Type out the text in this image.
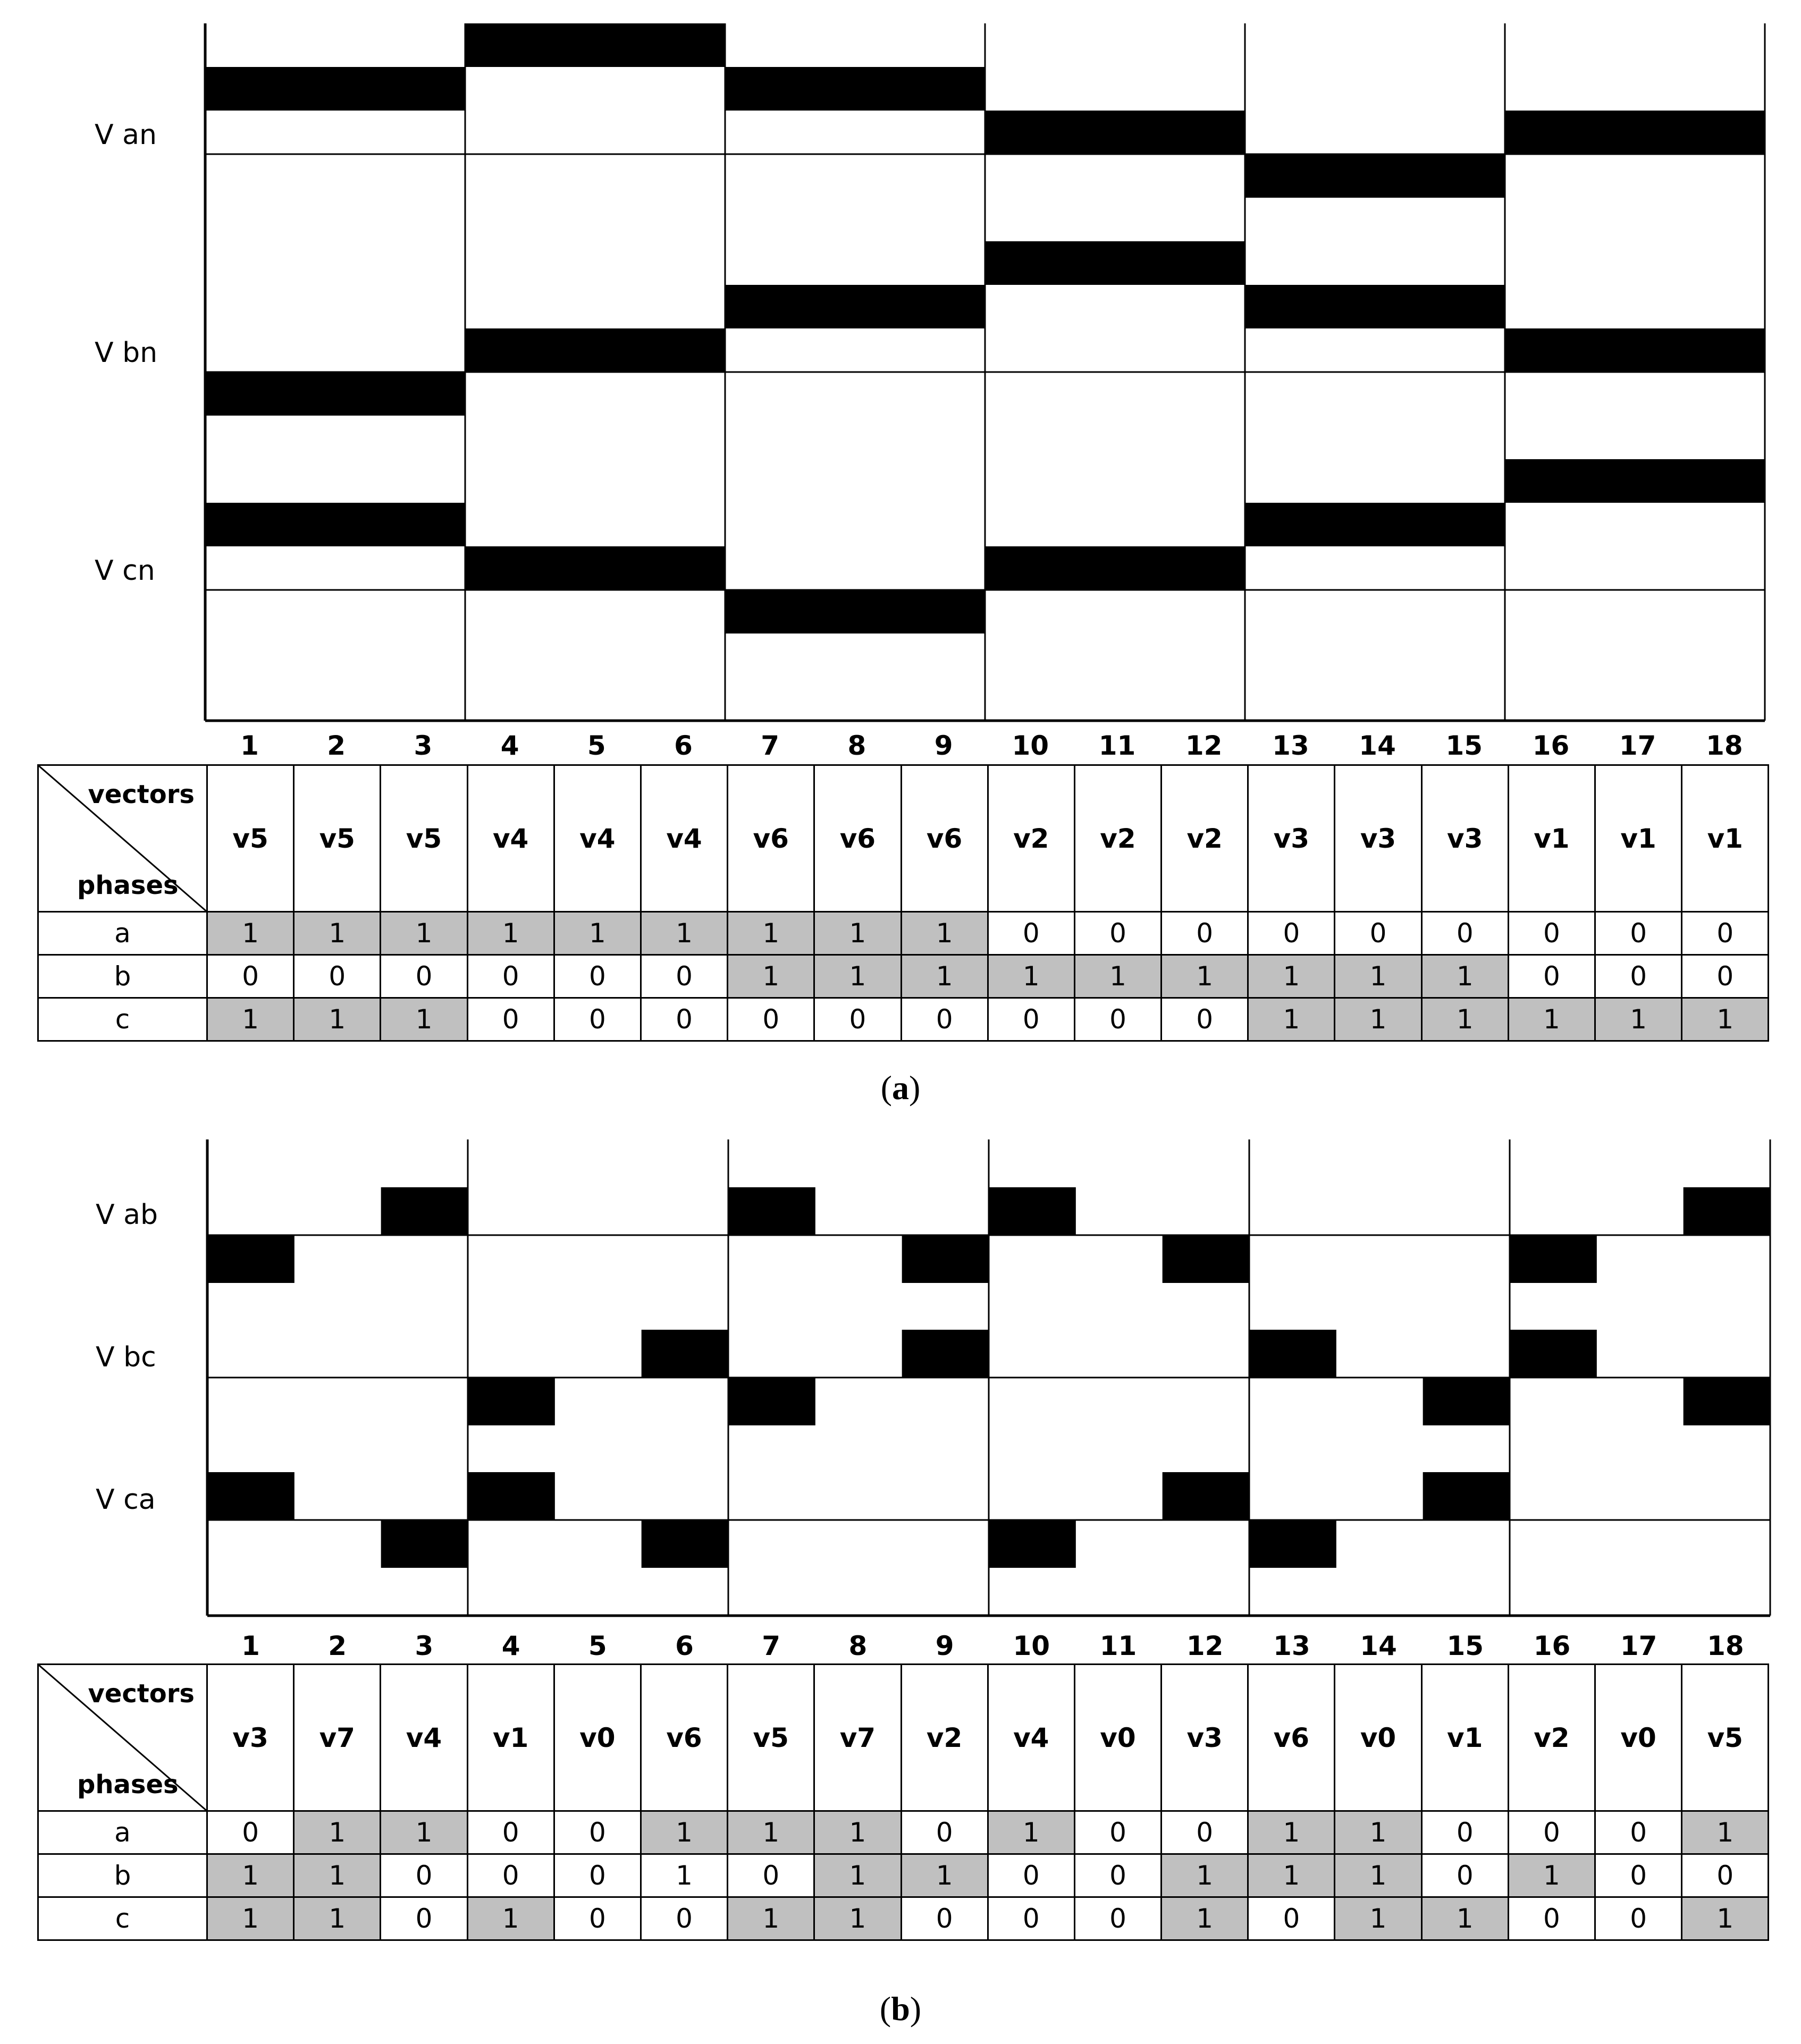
V an
V bn
V cn
1	2	3	4	5	6	7	8	9	10	11	12	13	14	15	16	17	18
vectors
phases	v5	v5	v5	v4	v4	v4	v6	v6	v6	v2	v2	v2	v3	v3	v3	v1	v1	v1
a	1	1	1	1	1	1	1	1	1	0	0	0	0	0	0	0	0	0
b	0	0	0	0	0	0	1	1	1	1	1	1	1	1	1	0	0	0
c	1	1	1	0	0	0	0	0	0	0	0	0	1	1	1	1	1	1
(a)
V ab
V bc
V ca
1	2	3	4	5	6	7	8	9	10	11	12	13	14	15	16	17	18
vectors
phases	v3	v7	v4	v1	v0	v6	v5	v7	v2	v4	v0	v3	v6	v0	v1	v2	v0	v5
a	0	1	1	0	0	1	1	1	0	1	0	0	1	1	0	0	0	1
b	1	1	0	0	0	1	0	1	1	0	0	1	1	1	0	1	0	0
c	1	1	0	1	0	0	1	1	0	0	0	1	0	1	1	0	0	1
(b)
